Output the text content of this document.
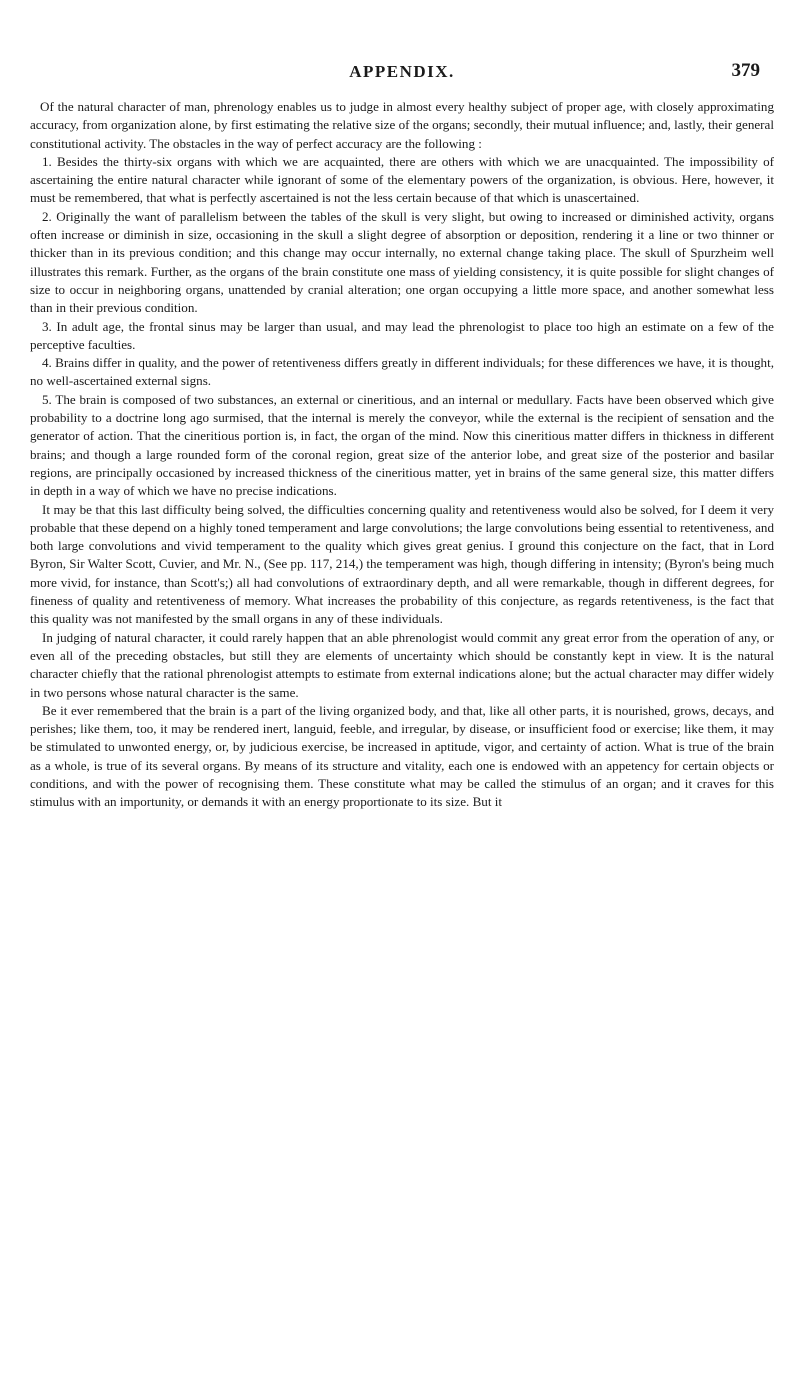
APPENDIX.	379

Of the natural character of man, phrenology enables us to judge in almost every healthy subject of proper age, with closely approximating accuracy, from organization alone, by first estimating the relative size of the organs; secondly, their mutual influence; and, lastly, their general constitutional activity. The obstacles in the way of perfect accuracy are the following :

1. Besides the thirty-six organs with which we are acquainted, there are others with which we are unacquainted. The impossibility of ascertaining the entire natural character while ignorant of some of the elementary powers of the organization, is obvious. Here, however, it must be remembered, that what is perfectly ascertained is not the less certain because of that which is unascertained.

2. Originally the want of parallelism between the tables of the skull is very slight, but owing to increased or diminished activity, organs often increase or diminish in size, occasioning in the skull a slight degree of absorption or deposition, rendering it a line or two thinner or thicker than in its previous condition; and this change may occur internally, no external change taking place. The skull of Spurzheim well illustrates this remark. Further, as the organs of the brain constitute one mass of yielding consistency, it is quite possible for slight changes of size to occur in neighboring organs, unattended by cranial alteration; one organ occupying a little more space, and another somewhat less than in their previous condition.

3. In adult age, the frontal sinus may be larger than usual, and may lead the phrenologist to place too high an estimate on a few of the perceptive faculties.

4. Brains differ in quality, and the power of retentiveness differs greatly in different individuals; for these differences we have, it is thought, no well-ascertained external signs.

5. The brain is composed of two substances, an external or cineritious, and an internal or medullary. Facts have been observed which give probability to a doctrine long ago surmised, that the internal is merely the conveyor, while the external is the recipient of sensation and the generator of action. That the cineritious portion is, in fact, the organ of the mind. Now this cineritious matter differs in thickness in different brains; and though a large rounded form of the coronal region, great size of the anterior lobe, and great size of the posterior and basilar regions, are principally occasioned by increased thickness of the cineritious matter, yet in brains of the same general size, this matter differs in depth in a way of which we have no precise indications.

It may be that this last difficulty being solved, the difficulties concerning quality and retentiveness would also be solved, for I deem it very probable that these depend on a highly toned temperament and large convolutions; the large convolutions being essential to retentiveness, and both large convolutions and vivid temperament to the quality which gives great genius. I ground this conjecture on the fact, that in Lord Byron, Sir Walter Scott, Cuvier, and Mr. N., (See pp. 117, 214,) the temperament was high, though differing in intensity; (Byron's being much more vivid, for instance, than Scott's;) all had convolutions of extraordinary depth, and all were remarkable, though in different degrees, for fineness of quality and retentiveness of memory. What increases the probability of this conjecture, as regards retentiveness, is the fact that this quality was not manifested by the small organs in any of these individuals.

In judging of natural character, it could rarely happen that an able phrenologist would commit any great error from the operation of any, or even all of the preceding obstacles, but still they are elements of uncertainty which should be constantly kept in view. It is the natural character chiefly that the rational phrenologist attempts to estimate from external indications alone; but the actual character may differ widely in two persons whose natural character is the same.

Be it ever remembered that the brain is a part of the living organized body, and that, like all other parts, it is nourished, grows, decays, and perishes; like them, too, it may be rendered inert, languid, feeble, and irregular, by disease, or insufficient food or exercise; like them, it may be stimulated to unwonted energy, or, by judicious exercise, be increased in aptitude, vigor, and certainty of action. What is true of the brain as a whole, is true of its several organs. By means of its structure and vitality, each one is endowed with an appetency for certain objects or conditions, and with the power of recognising them. These constitute what may be called the stimulus of an organ; and it craves for this stimulus with an importunity, or demands it with an energy proportionate to its size. But it
